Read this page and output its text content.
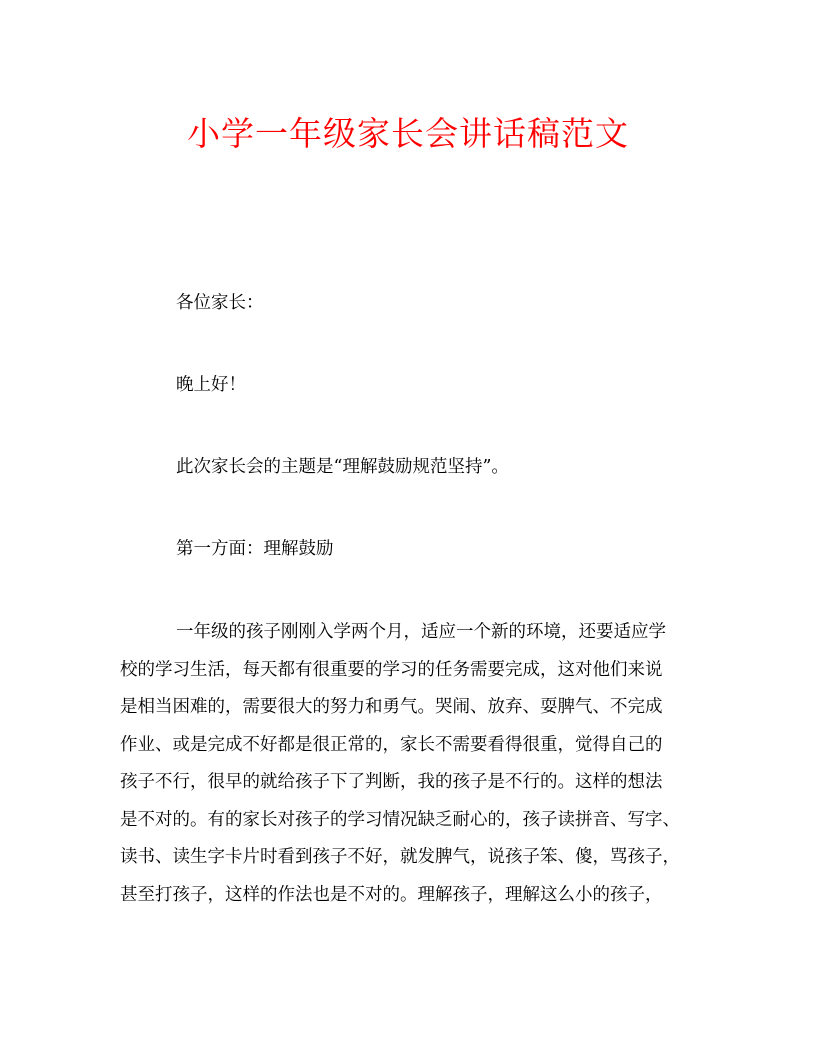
小学一年级家长会讲话稿范文

各位家长：

晚上好！

此次家长会的主题是“理解鼓励规范坚持”。

第一方面：理解鼓励

一年级的孩子刚刚入学两个月，适应一个新的环境，还要适应学
校的学习生活，每天都有很重要的学习的任务需要完成，这对他们来说
是相当困难的，需要很大的努力和勇气。哭闹、放弃、耍脾气、不完成
作业、或是完成不好都是很正常的，家长不需要看得很重，觉得自己的
孩子不行，很早的就给孩子下了判断，我的孩子是不行的。这样的想法
是不对的。有的家长对孩子的学习情况缺乏耐心的，孩子读拼音、写字、
读书、读生字卡片时看到孩子不好，就发脾气，说孩子笨、傻，骂孩子，
甚至打孩子，这样的作法也是不对的。理解孩子，理解这么小的孩子，
